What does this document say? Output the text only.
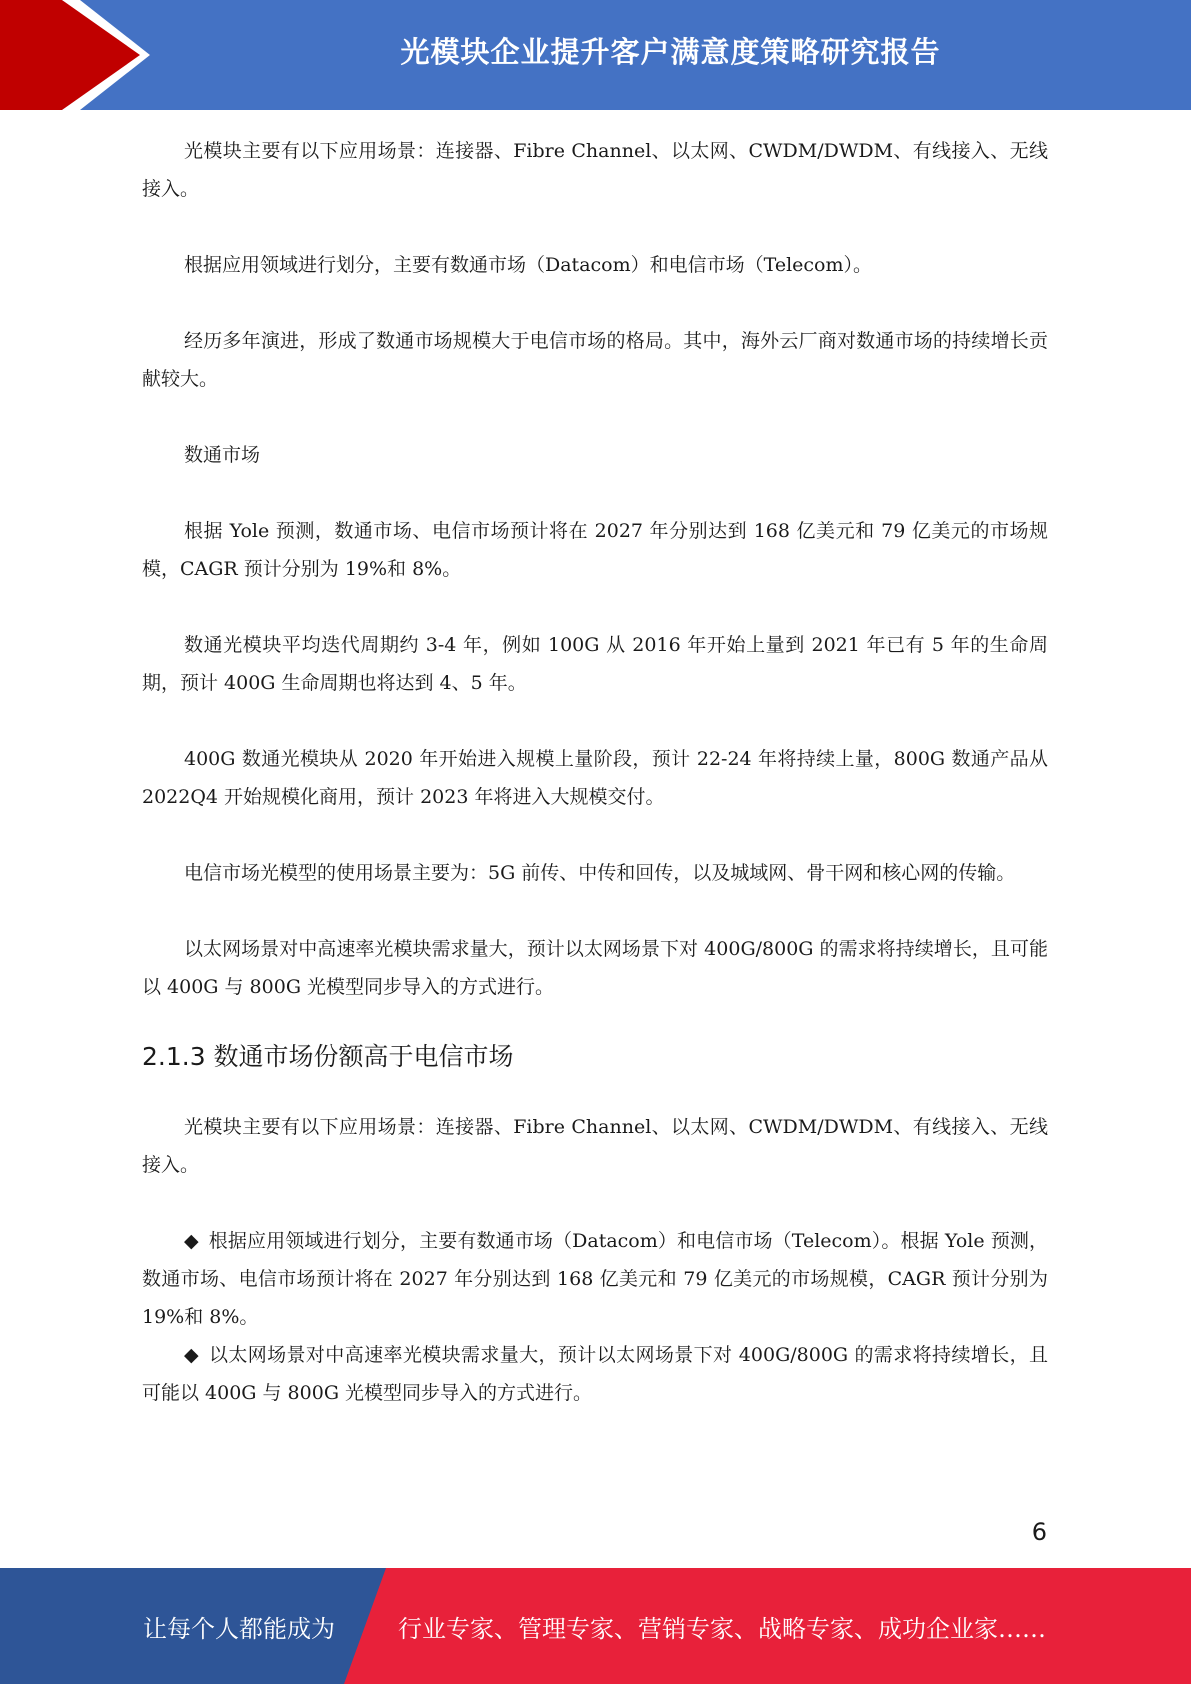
光模块企业提升客户满意度策略研究报告

光模块主要有以下应用场景：连接器、Fibre Channel、以太网、CWDM/DWDM、有线接入、无线接入。

根据应用领域进行划分，主要有数通市场（Datacom）和电信市场（Telecom）。

经历多年演进，形成了数通市场规模大于电信市场的格局。其中，海外云厂商对数通市场的持续增长贡献较大。

数通市场

根据 Yole 预测，数通市场、电信市场预计将在 2027 年分别达到 168 亿美元和 79 亿美元的市场规模，CAGR 预计分别为 19%和 8%。

数通光模块平均迭代周期约 3-4 年，例如 100G 从 2016 年开始上量到 2021 年已有 5 年的生命周期，预计 400G 生命周期也将达到 4、5 年。

400G 数通光模块从 2020 年开始进入规模上量阶段，预计 22-24 年将持续上量，800G 数通产品从 2022Q4 开始规模化商用，预计 2023 年将进入大规模交付。

电信市场光模型的使用场景主要为：5G 前传、中传和回传，以及城域网、骨干网和核心网的传输。

以太网场景对中高速率光模块需求量大，预计以太网场景下对 400G/800G 的需求将持续增长，且可能以 400G 与 800G 光模型同步导入的方式进行。

2.1.3 数通市场份额高于电信市场

光模块主要有以下应用场景：连接器、Fibre Channel、以太网、CWDM/DWDM、有线接入、无线接入。

◆ 根据应用领域进行划分，主要有数通市场（Datacom）和电信市场（Telecom）。根据 Yole 预测，数通市场、电信市场预计将在 2027 年分别达到 168 亿美元和 79 亿美元的市场规模，CAGR 预计分别为 19%和 8%。

◆ 以太网场景对中高速率光模块需求量大，预计以太网场景下对 400G/800G 的需求将持续增长，且可能以 400G 与 800G 光模型同步导入的方式进行。

6
让每个人都能成为	行业专家、管理专家、营销专家、战略专家、成功企业家……
